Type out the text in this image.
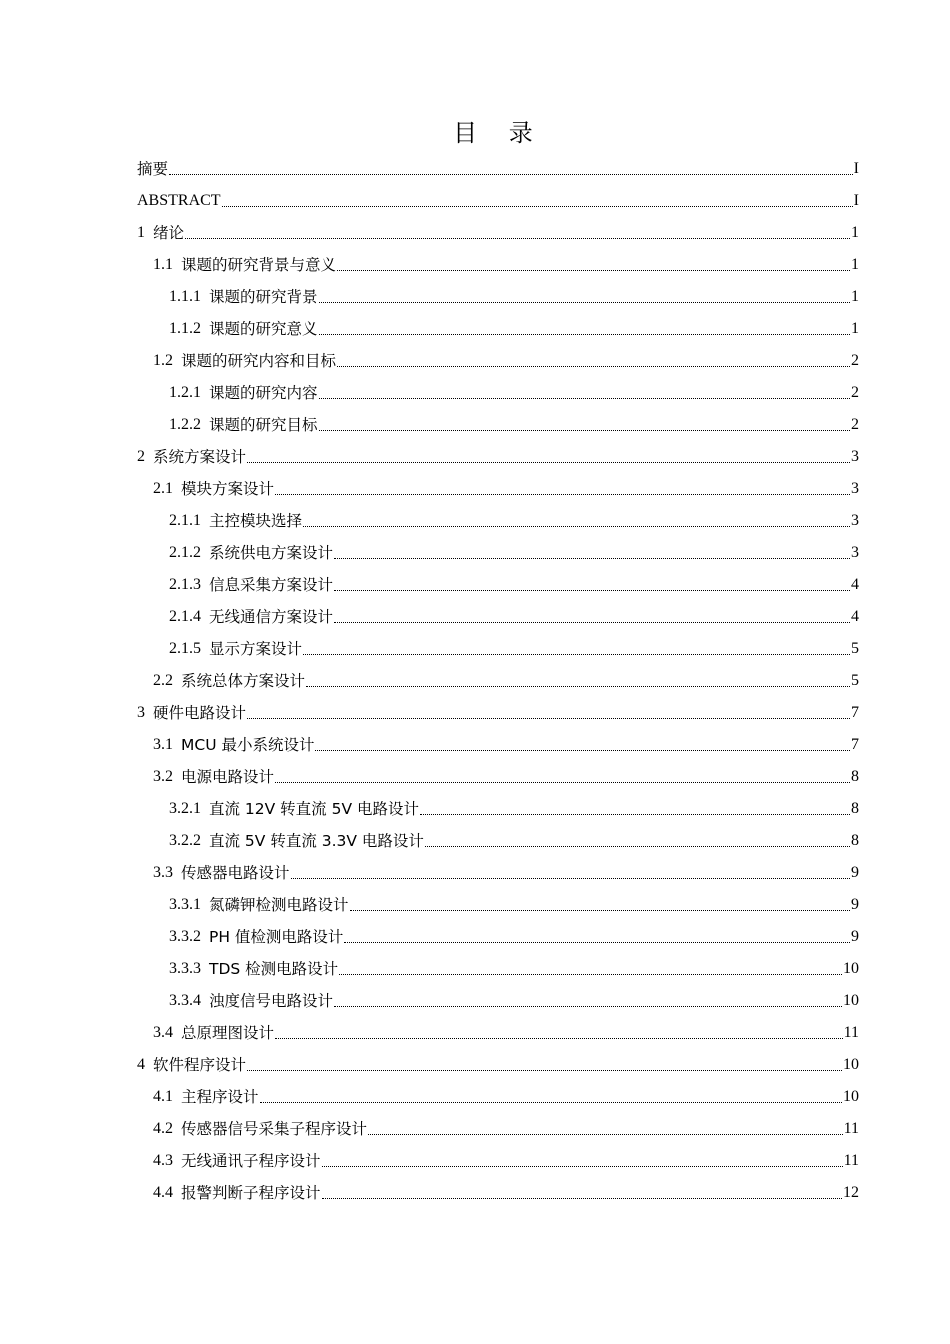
目 录
摘要	I
ABSTRACT	I
1 绪论	1
1.1 课题的研究背景与意义	1
1.1.1 课题的研究背景	1
1.1.2 课题的研究意义	1
1.2 课题的研究内容和目标	2
1.2.1 课题的研究内容	2
1.2.2 课题的研究目标	2
2 系统方案设计	3
2.1 模块方案设计	3
2.1.1 主控模块选择	3
2.1.2 系统供电方案设计	3
2.1.3 信息采集方案设计	4
2.1.4 无线通信方案设计	4
2.1.5 显示方案设计	5
2.2 系统总体方案设计	5
3 硬件电路设计	7
3.1 MCU 最小系统设计	7
3.2 电源电路设计	8
3.2.1 直流 12V 转直流 5V 电路设计	8
3.2.2 直流 5V 转直流 3.3V 电路设计	8
3.3 传感器电路设计	9
3.3.1 氮磷钾检测电路设计	9
3.3.2 PH 值检测电路设计	9
3.3.3 TDS 检测电路设计	10
3.3.4 浊度信号电路设计	10
3.4 总原理图设计	11
4 软件程序设计	10
4.1 主程序设计	10
4.2 传感器信号采集子程序设计	11
4.3 无线通讯子程序设计	11
4.4 报警判断子程序设计	12
